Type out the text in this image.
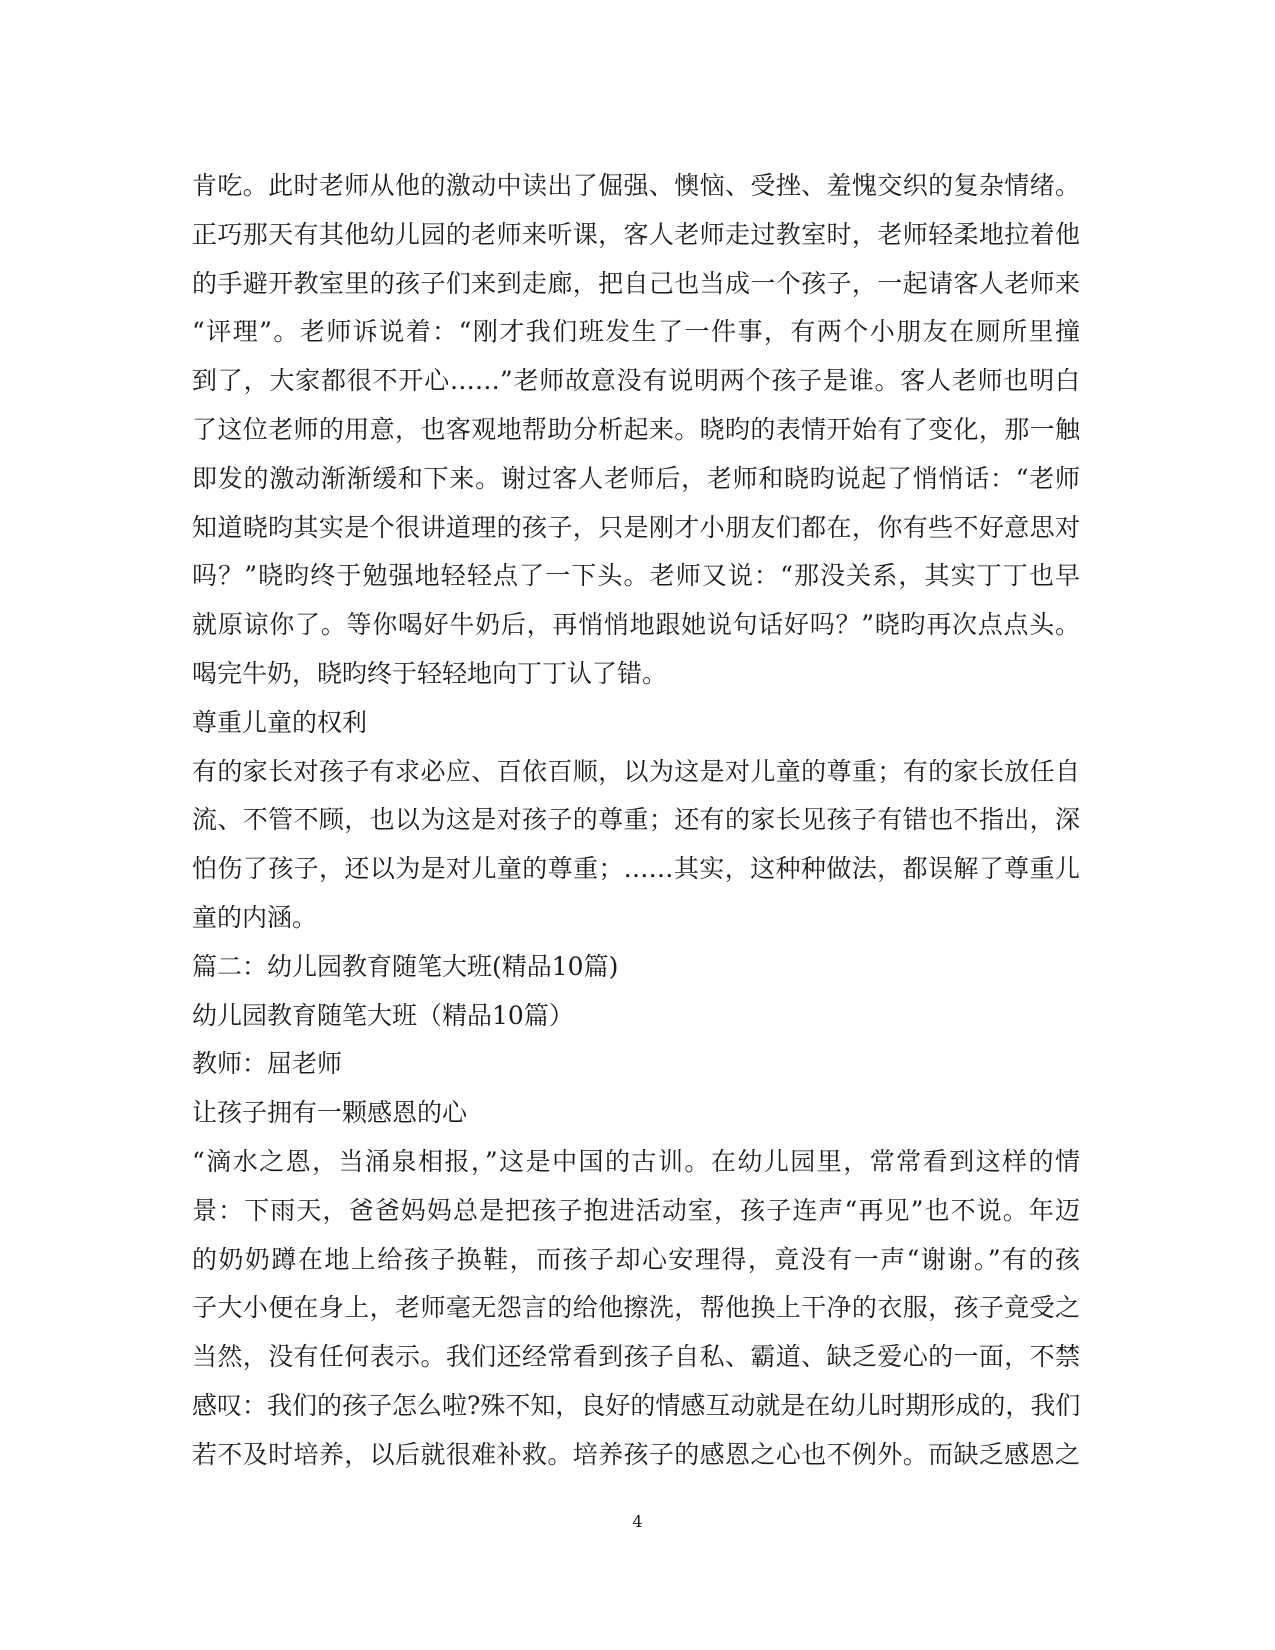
肯吃。此时老师从他的激动中读出了倔强、懊恼、受挫、羞愧交织的复杂情绪。
正巧那天有其他幼儿园的老师来听课，客人老师走过教室时，老师轻柔地拉着他
的手避开教室里的孩子们来到走廊，把自己也当成一个孩子，一起请客人老师来
“评理”。老师诉说着：“刚才我们班发生了一件事，有两个小朋友在厕所里撞
到了，大家都很不开心……”老师故意没有说明两个孩子是谁。客人老师也明白
了这位老师的用意，也客观地帮助分析起来。晓昀的表情开始有了变化，那一触
即发的激动渐渐缓和下来。谢过客人老师后，老师和晓昀说起了悄悄话：“老师
知道晓昀其实是个很讲道理的孩子，只是刚才小朋友们都在，你有些不好意思对
吗？”晓昀终于勉强地轻轻点了一下头。老师又说：“那没关系，其实丁丁也早
就原谅你了。等你喝好牛奶后，再悄悄地跟她说句话好吗？”晓昀再次点点头。
喝完牛奶，晓昀终于轻轻地向丁丁认了错。
尊重儿童的权利
有的家长对孩子有求必应、百依百顺，以为这是对儿童的尊重；有的家长放任自
流、不管不顾，也以为这是对孩子的尊重；还有的家长见孩子有错也不指出，深
怕伤了孩子，还以为是对儿童的尊重；……其实，这种种做法，都误解了尊重儿
童的内涵。
篇二：幼儿园教育随笔大班(精品10篇)
幼儿园教育随笔大班（精品10篇）
教师：屈老师
让孩子拥有一颗感恩的心
“滴水之恩，当涌泉相报，”这是中国的古训。在幼儿园里，常常看到这样的情
景：下雨天，爸爸妈妈总是把孩子抱进活动室，孩子连声“再见”也不说。年迈
的奶奶蹲在地上给孩子换鞋，而孩子却心安理得，竟没有一声“谢谢。”有的孩
子大小便在身上，老师毫无怨言的给他擦洗，帮他换上干净的衣服，孩子竟受之
当然，没有任何表示。我们还经常看到孩子自私、霸道、缺乏爱心的一面，不禁
感叹：我们的孩子怎么啦?殊不知，良好的情感互动就是在幼儿时期形成的，我们
若不及时培养，以后就很难补救。培养孩子的感恩之心也不例外。而缺乏感恩之
4
